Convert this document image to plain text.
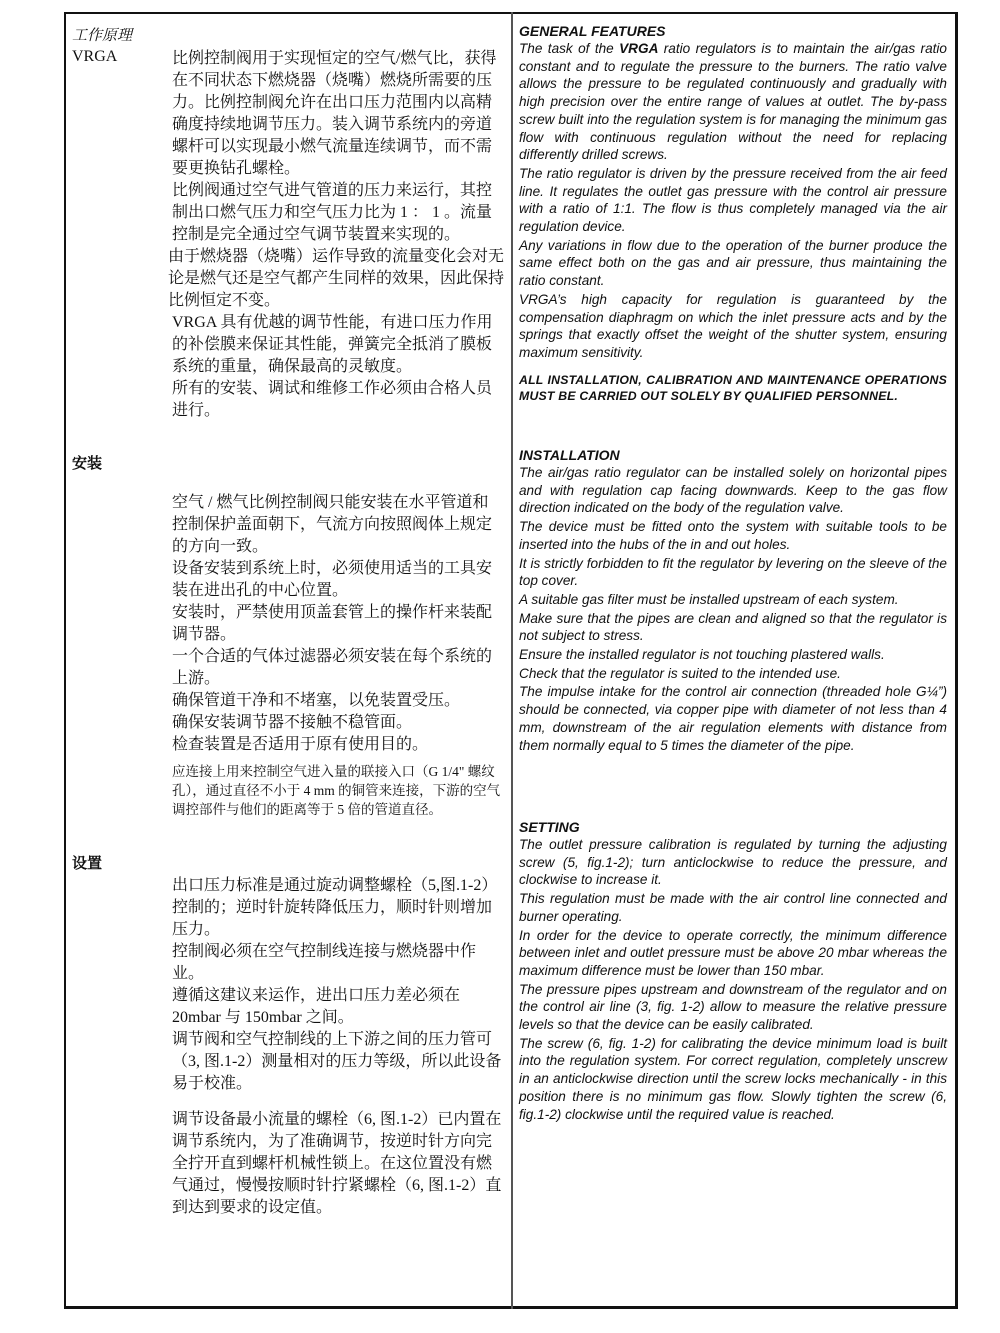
工作原理
VRGA	比例控制阀用于实现恒定的空气/燃气比，获得在不同状态下燃烧器（烧嘴）燃烧所需要的压力。比例控制阀允许在出口压力范围内以高精确度持续地调节压力。装入调节系统内的旁道螺杆可以实现最小燃气流量连续调节，而不需要更换钻孔螺栓。

比例阀通过空气进气管道的压力来运行，其控制出口燃气压力和空气压力比为 1 ： 1 。流量控制是完全通过空气调节装置来实现的。

由于燃烧器（烧嘴）运作导致的流量变化会对无论是燃气还是空气都产生同样的效果，因此保持比例恒定不变。

VRGA 具有优越的调节性能，有进口压力作用的补偿膜来保证其性能，弹簧完全抵消了膜板系统的重量，确保最高的灵敏度。

所有的安装、调试和维修工作必须由合格人员进行。

安装

空气 / 燃气比例控制阀只能安装在水平管道和控制保护盖面朝下，气流方向按照阀体上规定的方向一致。

设备安装到系统上时，必须使用适当的工具安装在进出孔的中心位置。

安装时，严禁使用顶盖套管上的操作杆来装配调节器。

一个合适的气体过滤器必须安装在每个系统的上游。

确保管道干净和不堵塞，以免装置受压。

确保安装调节器不接触不稳管面。

检查装置是否适用于原有使用目的。

应连接上用来控制空气进入量的联接入口（G 1/4" 螺纹孔），通过直径不小于 4 mm 的铜管来连接，下游的空气调控部件与他们的距离等于 5 倍的管道直径。
设置

出口压力标准是通过旋动调整螺栓（5,图.1-2）控制的；逆时针旋转降低压力，顺时针则增加压力。

控制阀必须在空气控制线连接与燃烧器中作业。

遵循这建议来运作，进出口压力差必须在 20mbar 与 150mbar 之间。

调节阀和空气控制线的上下游之间的压力管可（3, 图.1-2）测量相对的压力等级，所以此设备易于校准。

调节设备最小流量的螺栓（6, 图.1-2）已内置在调节系统内，为了准确调节，按逆时针方向完全拧开直到螺杆机械性锁上。在这位置没有燃气通过，慢慢按顺时针拧紧螺栓（6, 图.1-2）直到达到要求的设定值。

GENERAL FEATURES

The task of the VRGA ratio regulators is to maintain the air/gas ratio constant and to regulate the pressure to the burners. The ratio valve allows the pressure to be regulated continuously and gradually with high precision over the entire range of values at outlet. The by-pass screw built into the regulation system is for managing the minimum gas flow with continuous regulation without the need for replacing differently drilled screws.

The ratio regulator is driven by the pressure received from the air feed line. It regulates the outlet gas pressure with the control air pressure with a ratio of 1:1. The flow is thus completely managed via the air regulation device.

Any variations in flow due to the operation of the burner produce the same effect both on the gas and air pressure, thus maintaining the ratio constant.

VRGA’s high capacity for regulation is guaranteed by the compensation diaphragm on which the inlet pressure acts and by the springs that exactly offset the weight of the shutter system, ensuring maximum sensitivity.

ALL INSTALLATION, CALIBRATION AND MAINTENANCE OPERATIONS MUST BE CARRIED OUT SOLELY BY QUALIFIED PERSONNEL.

INSTALLATION

The air/gas ratio regulator can be installed solely on horizontal pipes and with regulation cap facing downwards. Keep to the gas flow direction indicated on the body of the regulation valve.

The device must be fitted onto the system with suitable tools to be inserted into the hubs of the in and out holes.

It is strictly forbidden to fit the regulator by levering on the sleeve of the top cover.

A suitable gas filter must be installed upstream of each system.

Make sure that the pipes are clean and aligned so that the regulator is not subject to stress.

Ensure the installed regulator is not touching plastered walls.

Check that the regulator is suited to the intended use.

The impulse intake for the control air connection (threaded hole G¼”) should be connected, via copper pipe with diameter of not less than 4 mm, downstream of the air regulation elements with distance from them normally equal to 5 times the diameter of the pipe.

SETTING

The outlet pressure calibration is regulated by turning the adjusting screw (5, fig.1-2); turn anticlockwise to reduce the pressure, and clockwise to increase it.

This regulation must be made with the air control line connected and burner operating.

In order for the device to operate correctly, the minimum difference between inlet and outlet pressure must be above 20 mbar whereas the maximum difference must be lower than 150 mbar.

The pressure pipes upstream and downstream of the regulator and on the control air line (3, fig. 1-2) allow to measure the relative pressure levels so that the device can be easily calibrated.

The screw (6, fig. 1-2) for calibrating the device minimum load is built into the regulation system. For correct regulation, completely unscrew in an anticlockwise direction until the screw locks mechanically - in this position there is no minimum gas flow. Slowly tighten the screw (6, fig.1-2) clockwise until the required value is reached.
